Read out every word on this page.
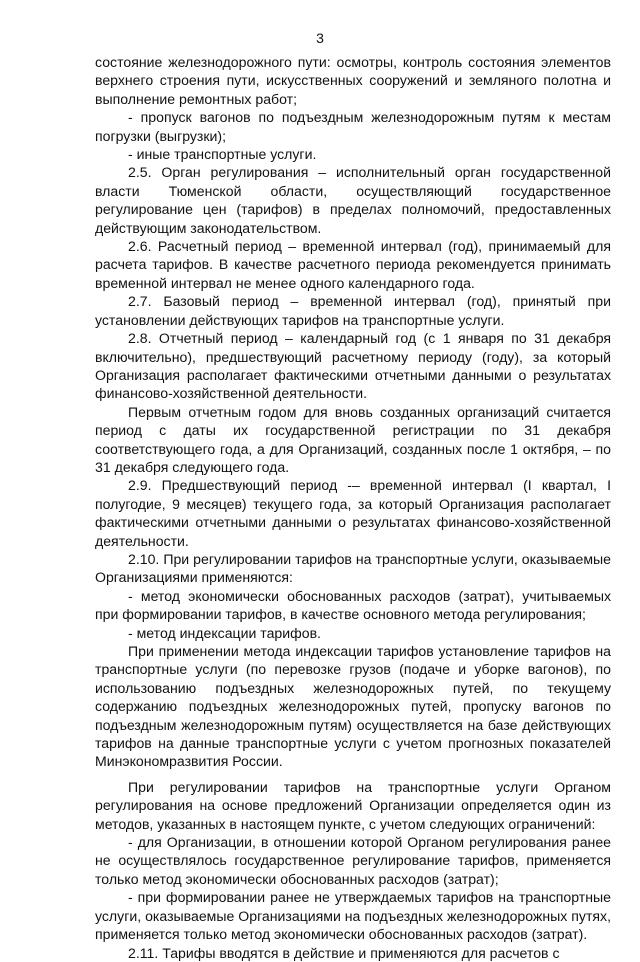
3

состояние железнодорожного пути: осмотры, контроль состояния элементов верхнего строения пути, искусственных сооружений и земляного полотна и выполнение ремонтных работ;

- пропуск вагонов по подъездным железнодорожным путям к местам погрузки (выгрузки);

- иные транспортные услуги.

2.5. Орган регулирования – исполнительный орган государственной власти Тюменской области, осуществляющий государственное регулирование цен (тарифов) в пределах полномочий, предоставленных действующим законодательством.

2.6. Расчетный период – временной интервал (год), принимаемый для расчета тарифов. В качестве расчетного периода рекомендуется принимать временной интервал не менее одного календарного года.

2.7. Базовый период – временной интервал (год), принятый при установлении действующих тарифов на транспортные услуги.

2.8. Отчетный период – календарный год (с 1 января по 31 декабря включительно), предшествующий расчетному периоду (году), за который Организация располагает фактическими отчетными данными о результатах финансово-хозяйственной деятельности.

Первым отчетным годом для вновь созданных организаций считается период с даты их государственной регистрации по 31 декабря соответствующего года, а для Организаций, созданных после 1 октября, – по 31 декабря следующего года.

2.9. Предшествующий период -– временной интервал (I квартал, I полугодие, 9 месяцев) текущего года, за который Организация располагает фактическими отчетными данными о результатах финансово-хозяйственной деятельности.

2.10. При регулировании тарифов на транспортные услуги, оказываемые Организациями применяются:

- метод экономически обоснованных расходов (затрат), учитываемых при формировании тарифов, в качестве основного метода регулирования;

- метод индексации тарифов.

При применении метода индексации тарифов установление тарифов на транспортные услуги (по перевозке грузов (подаче и уборке вагонов), по использованию подъездных железнодорожных путей, по текущему содержанию подъездных железнодорожных путей, пропуску вагонов по подъездным железнодорожным путям) осуществляется на базе действующих тарифов на данные транспортные услуги с учетом прогнозных показателей Минэкономразвития России.

При регулировании тарифов на транспортные услуги Органом регулирования на основе предложений Организации определяется один из методов, указанных в настоящем пункте, с учетом следующих ограничений:

- для Организации, в отношении которой Органом регулирования ранее не осуществлялось государственное регулирование тарифов, применяется только метод экономически обоснованных расходов (затрат);

- при формировании ранее не утверждаемых тарифов на транспортные услуги, оказываемые Организациями на подъездных железнодорожных путях, применяется только метод экономически обоснованных расходов (затрат).

2.11. Тарифы вводятся в действие и применяются для расчетов с
